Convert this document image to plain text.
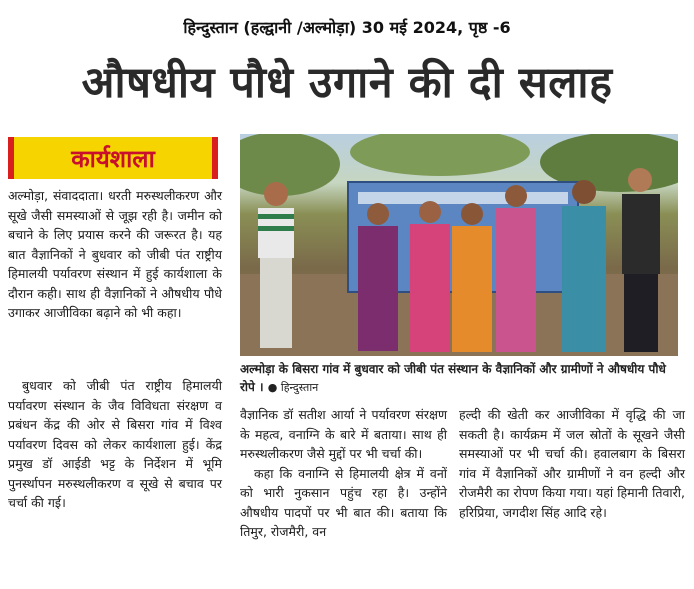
हिन्दुस्तान (हल्द्वानी /अल्मोड़ा) 30 मई 2024, पृष्ठ -6
औषधीय पौधे उगाने की दी सलाह
कार्यशाला
अल्मोड़ा, संवाददाता। धरती मरुस्थलीकरण और सूखे जैसी समस्याओं से जूझ रही है। जमीन को बचाने के लिए प्रयास करने की जरूरत है। यह बात वैज्ञानिकों ने बुधवार को जीबी पंत राष्ट्रीय हिमालयी पर्यावरण संस्थान में हुई कार्यशाला के दौरान कही। साथ ही वैज्ञानिकों ने औषधीय पौधे उगाकर आजीविका बढ़ाने को भी कहा।
बुधवार को जीबी पंत राष्ट्रीय हिमालयी पर्यावरण संस्थान के जैव विविधता संरक्षण व प्रबंधन केंद्र की ओर से बिसरा गांव में विश्व पर्यावरण दिवस को लेकर कार्यशाला हुई। केंद्र प्रमुख डॉ आईडी भट्ट के निर्देशन में भूमि पुनर्स्थापन मरुस्थलीकरण व सूखे से बचाव पर चर्चा की गई।
वैज्ञानिक डॉ सतीश आर्या ने पर्यावरण संरक्षण के महत्व, वनाग्नि के बारे में बताया। साथ ही मरुस्थलीकरण जैसे मुद्दों पर भी चर्चा की।
कहा कि वनाग्नि से हिमालयी क्षेत्र में वनों को भारी नुकसान पहुंच रहा है। उन्होंने औषधीय पादपों पर भी बात की। बताया कि तिमुर, रोजमैरी, वन
हल्दी की खेती कर आजीविका में वृद्धि की जा सकती है। कार्यक्रम में जल स्रोतों के सूखने जैसी समस्याओं पर भी चर्चा की। हवालबाग के बिसरा गांव में वैज्ञानिकों और ग्रामीणों ने वन हल्दी और रोजमैरी का रोपण किया गया। यहां हिमानी तिवारी, हरिप्रिया, जगदीश सिंह आदि रहे।
अल्मोड़ा के बिसरा गांव में बुधवार को जीबी पंत संस्थान के वैज्ञानिकों और ग्रामीणों ने औषधीय पौधे रोपे । ● हिन्दुस्तान
